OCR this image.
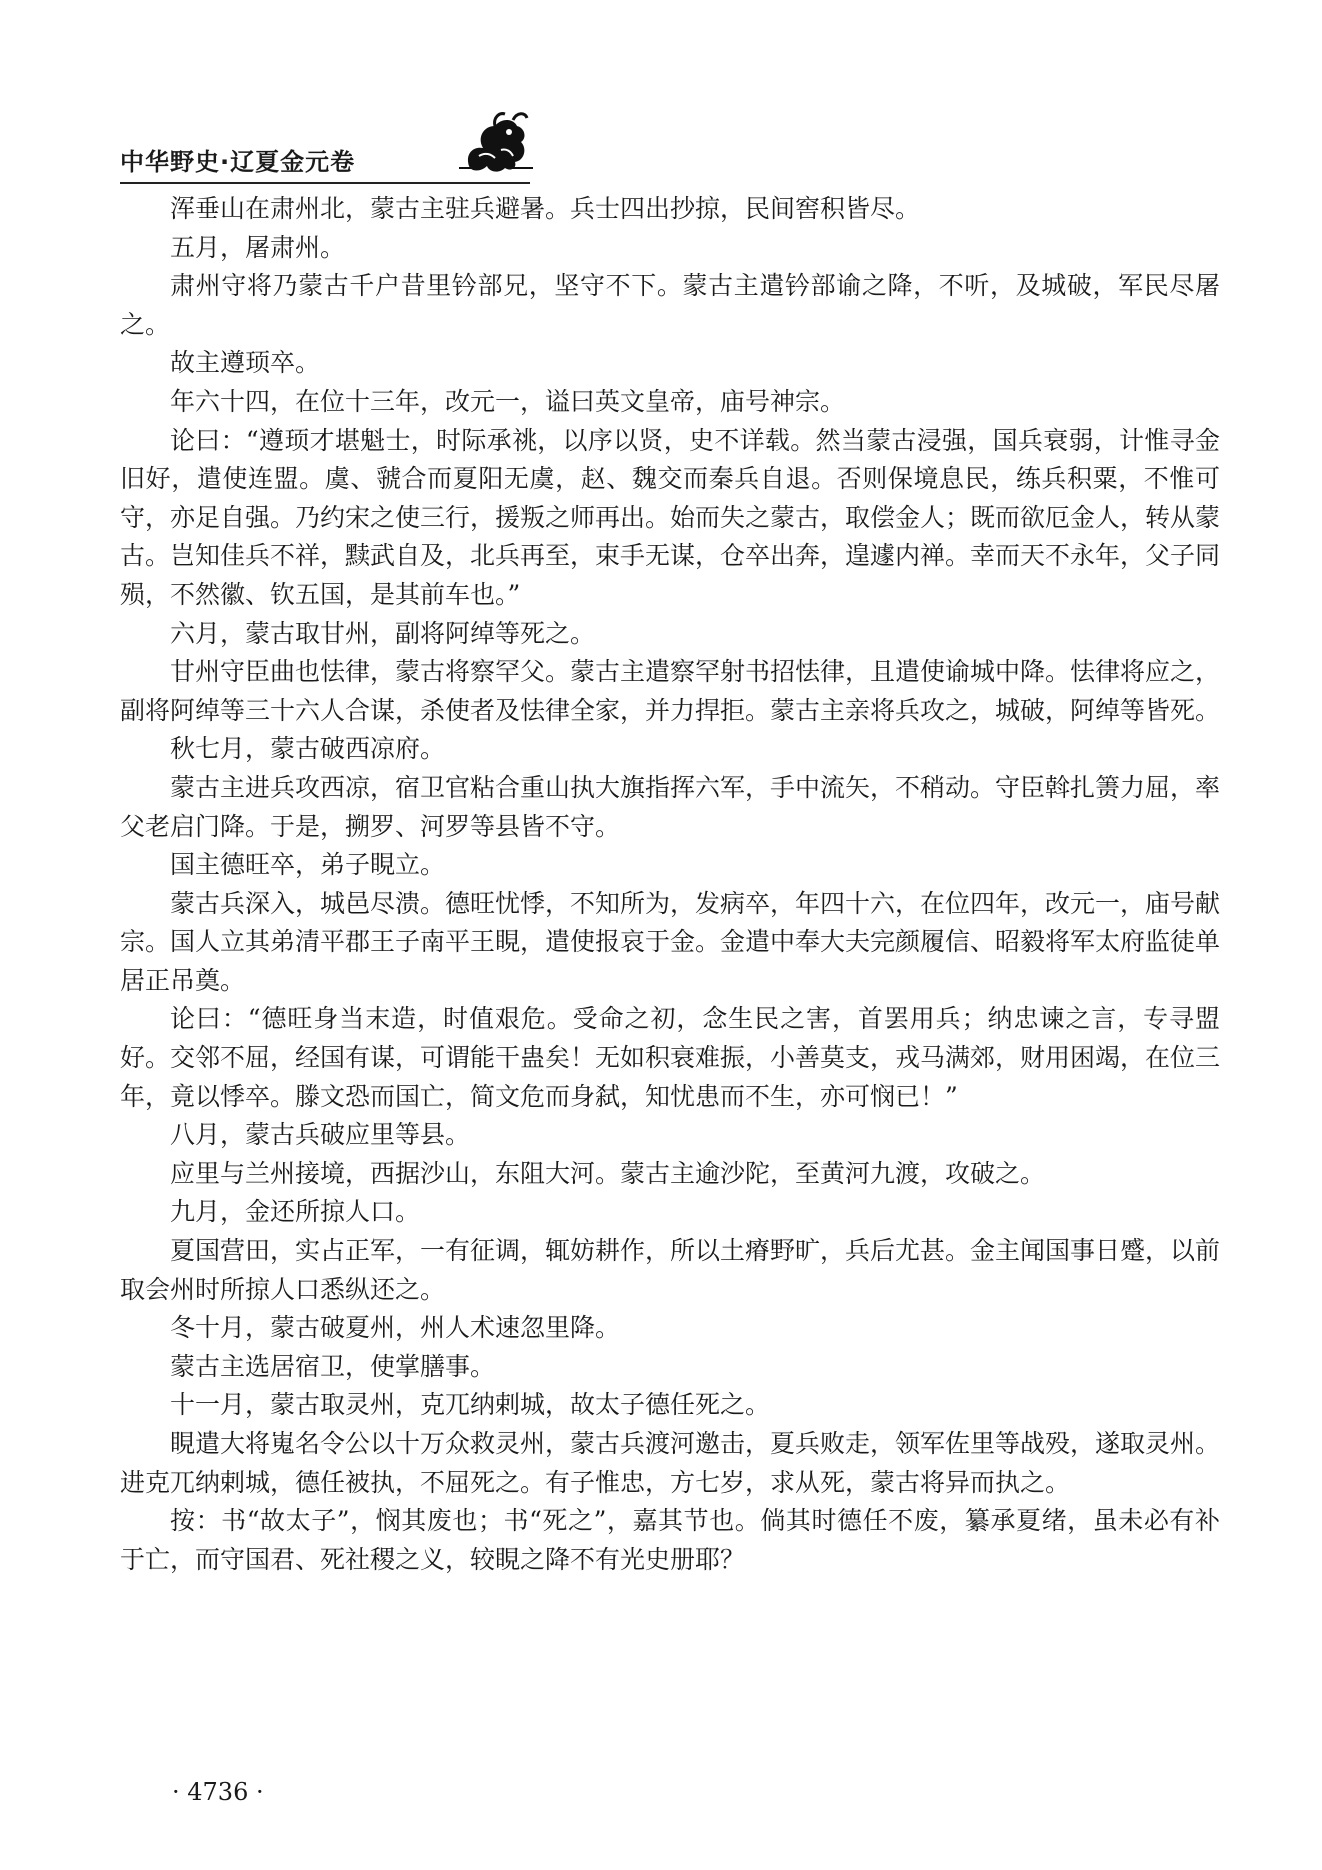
中华野史·辽夏金元卷

浑垂山在肃州北，蒙古主驻兵避暑。兵士四出抄掠，民间窖积皆尽。

五月，屠肃州。

肃州守将乃蒙古千户昔里钤部兄，坚守不下。蒙古主遣钤部谕之降，不听，及城破，军民尽屠之。

故主遵顼卒。

年六十四，在位十三年，改元一，谥曰英文皇帝，庙号神宗。

论曰：“遵顼才堪魁士，时际承祧，以序以贤，史不详载。然当蒙古浸强，国兵衰弱，计惟寻金旧好，遣使连盟。虞、虢合而夏阳无虞，赵、魏交而秦兵自退。否则保境息民，练兵积粟，不惟可守，亦足自强。乃约宋之使三行，援叛之师再出。始而失之蒙古，取偿金人；既而欲厄金人，转从蒙古。岂知佳兵不祥，黩武自及，北兵再至，束手无谋，仓卒出奔，遑遽内禅。幸而天不永年，父子同殒，不然徽、钦五国，是其前车也。”

六月，蒙古取甘州，副将阿绰等死之。

甘州守臣曲也怯律，蒙古将察罕父。蒙古主遣察罕射书招怯律，且遣使谕城中降。怯律将应之，副将阿绰等三十六人合谋，杀使者及怯律全家，并力捍拒。蒙古主亲将兵攻之，城破，阿绰等皆死。

秋七月，蒙古破西凉府。

蒙古主进兵攻西凉，宿卫官粘合重山执大旗指挥六军，手中流矢，不稍动。守臣斡扎箦力屈，率父老启门降。于是，搠罗、河罗等县皆不守。

国主德旺卒，弟子睍立。

蒙古兵深入，城邑尽溃。德旺忧悸，不知所为，发病卒，年四十六，在位四年，改元一，庙号献宗。国人立其弟清平郡王子南平王睍，遣使报哀于金。金遣中奉大夫完颜履信、昭毅将军太府监徒单居正吊奠。

论曰：“德旺身当末造，时值艰危。受命之初，念生民之害，首罢用兵；纳忠谏之言，专寻盟好。交邻不屈，经国有谋，可谓能干蛊矣！无如积衰难振，小善莫支，戎马满郊，财用困竭，在位三年，竟以悸卒。滕文恐而国亡，简文危而身弑，知忧患而不生，亦可悯已！”

八月，蒙古兵破应里等县。

应里与兰州接境，西据沙山，东阻大河。蒙古主逾沙陀，至黄河九渡，攻破之。

九月，金还所掠人口。

夏国营田，实占正军，一有征调，辄妨耕作，所以土瘠野旷，兵后尤甚。金主闻国事日蹙，以前取会州时所掠人口悉纵还之。

冬十月，蒙古破夏州，州人术速忽里降。

蒙古主选居宿卫，使掌膳事。

十一月，蒙古取灵州，克兀纳剌城，故太子德任死之。

睍遣大将嵬名令公以十万众救灵州，蒙古兵渡河邀击，夏兵败走，领军佐里等战殁，遂取灵州。进克兀纳剌城，德任被执，不屈死之。有子惟忠，方七岁，求从死，蒙古将异而执之。

按：书“故太子”，悯其废也；书“死之”，嘉其节也。倘其时德任不废，纂承夏绪，虽未必有补于亡，而守国君、死社稷之义，较睍之降不有光史册耶？

· 4736 ·
